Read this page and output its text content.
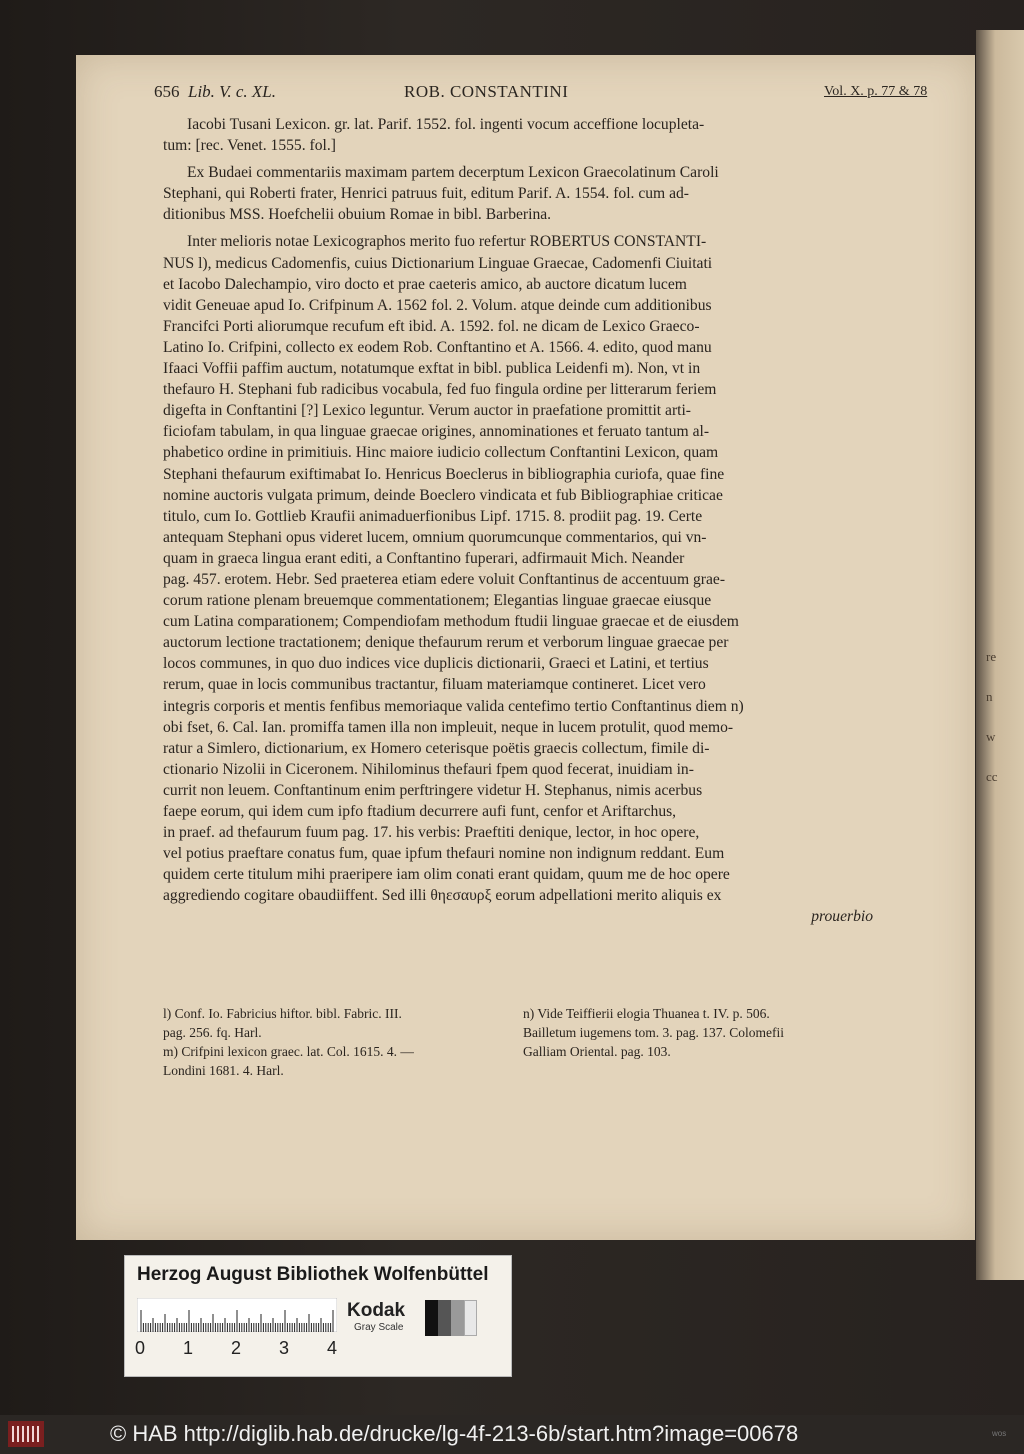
re
n
w
cc
656 Lib. V. c. XL.	ROB. CONSTANTINI	Vol. X. p. 77 & 78
Iacobi Tusani Lexicon. gr. lat. Parif. 1552. fol. ingenti vocum acceffione locupleta-
tum: [rec. Venet. 1555. fol.]
Ex Budaei commentariis maximam partem decerptum Lexicon Graecolatinum Caroli
Stephani, qui Roberti frater, Henrici patruus fuit, editum Parif. A. 1554. fol. cum ad-
ditionibus MSS. Hoefchelii obuium Romae in bibl. Barberina.
Inter melioris notae Lexicographos merito fuo refertur ROBERTUS CONSTANTI-
NUS l), medicus Cadomenfis, cuius Dictionarium Linguae Graecae, Cadomenfi Ciuitati
et Iacobo Dalechampio, viro docto et prae caeteris amico, ab auctore dicatum lucem
vidit Geneuae apud Io. Crifpinum A. 1562 fol. 2. Volum. atque deinde cum additionibus
Francifci Porti aliorumque recufum eft ibid. A. 1592. fol. ne dicam de Lexico Graeco-
Latino Io. Crifpini, collecto ex eodem Rob. Conftantino et A. 1566. 4. edito, quod manu
Ifaaci Voffii paffim auctum, notatumque exftat in bibl. publica Leidenfi m). Non, vt in
thefauro H. Stephani fub radicibus vocabula, fed fuo fingula ordine per litterarum feriem
digefta in Conftantini [?] Lexico leguntur. Verum auctor in praefatione promittit arti-
ficiofam tabulam, in qua linguae graecae origines, annominationes et feruato tantum al-
phabetico ordine in primitiuis. Hinc maiore iudicio collectum Conftantini Lexicon, quam
Stephani thefaurum exiftimabat Io. Henricus Boeclerus in bibliographia curiofa, quae fine
nomine auctoris vulgata primum, deinde Boeclero vindicata et fub Bibliographiae criticae
titulo, cum Io. Gottlieb Kraufii animaduerfionibus Lipf. 1715. 8. prodiit pag. 19. Certe
antequam Stephani opus videret lucem, omnium quorumcunque commentarios, qui vn-
quam in graeca lingua erant editi, a Conftantino fuperari, adfirmauit Mich. Neander
pag. 457. erotem. Hebr. Sed praeterea etiam edere voluit Conftantinus de accentuum grae-
corum ratione plenam breuemque commentationem; Elegantias linguae graecae eiusque
cum Latina comparationem; Compendiofam methodum ftudii linguae graecae et de eiusdem
auctorum lectione tractationem; denique thefaurum rerum et verborum linguae graecae per
locos communes, in quo duo indices vice duplicis dictionarii, Graeci et Latini, et tertius
rerum, quae in locis communibus tractantur, filuam materiamque contineret. Licet vero
integris corporis et mentis fenfibus memoriaque valida centefimo tertio Conftantinus diem n)
obi fset, 6. Cal. Ian. promiffa tamen illa non impleuit, neque in lucem protulit, quod memo-
ratur a Simlero, dictionarium, ex Homero ceterisque poëtis graecis collectum, fimile di-
ctionario Nizolii in Ciceronem. Nihilominus thefauri fpem quod fecerat, inuidiam in-
currit non leuem. Conftantinum enim perftringere videtur H. Stephanus, nimis acerbus
faepe eorum, qui idem cum ipfo ftadium decurrere aufi funt, cenfor et Ariftarchus,
in praef. ad thefaurum fuum pag. 17. his verbis: Praeftiti denique, lector, in hoc opere,
vel potius praeftare conatus fum, quae ipfum thefauri nomine non indignum reddant. Eum
quidem certe titulum mihi praeripere iam olim conati erant quidam, quum me de hoc opere
aggrediendo cogitare obaudiiffent. Sed illi θηεσαυρξ eorum adpellationi merito aliquis ex
prouerbio
l) Conf. Io. Fabricius hiftor. bibl. Fabric. III.
pag. 256. fq. Harl.
m) Crifpini lexicon graec. lat. Col. 1615. 4. —
Londini 1681. 4. Harl.
n) Vide Teiffierii elogia Thuanea t. IV. p. 506.
Bailletum iugemens tom. 3. pag. 137. Colomefii
Galliam Oriental. pag. 103.
Herzog August Bibliothek Wolfenbüttel
0 1 2 3 4
Kodak
Gray Scale
© HAB http://diglib.hab.de/drucke/lg-4f-213-6b/start.htm?image=00678	wos
